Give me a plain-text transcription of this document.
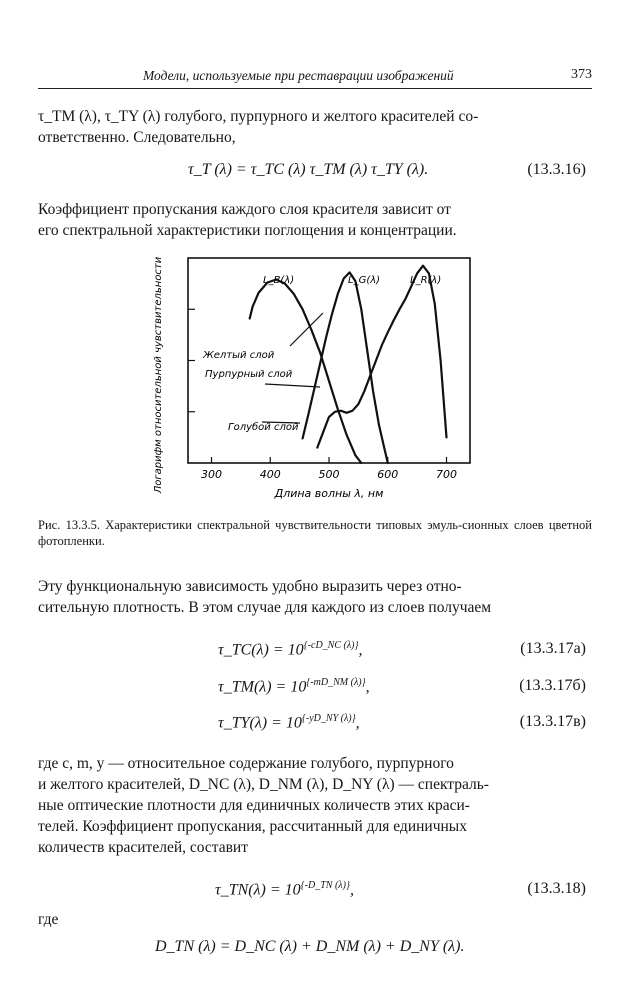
Модели, используемые при реставрации изображений	373
τ_TM (λ), τ_TY (λ) голубого, пурпурного и желтого красителей со-
ответственно. Следовательно,
τ_T (λ) = τ_TC (λ) τ_TM (λ) τ_TY (λ).	(13.3.16)
Коэффициент пропускания каждого слоя красителя зависит от
его спектральной характеристики поглощения и концентрации.
300	400	500	600	700
L_B(λ)	L_G(λ)	L_R(λ)
Желтый слой
Пурпурный слой
Голубой слой
Длина волны λ, нм
Логарифм относительной чувствительности
Рис. 13.3.5. Характеристики спектральной чувствительности типовых эмуль-сионных слоев цветной фотопленки.
Эту функциональную зависимость удобно выразить через отно-
сительную плотность. В этом случае для каждого из слоев получаем
τ_TC(λ) = $10^{\{-cD\_NC (\lambda)\}}$,	(13.3.17a)
τ_TM(λ) = $10^{\{-mD\_NM (\lambda)\}}$,	(13.3.17б)
τ_TY(λ) = $10^{\{-yD\_NY (\lambda)\}}$,	(13.3.17в)
где c, m, y — относительное содержание голубого, пурпурного
и желтого красителей, D_NC (λ), D_NM (λ), D_NY (λ) — спектраль-
ные оптические плотности для единичных количеств этих краси-
телей. Коэффициент пропускания, рассчитанный для единичных
количеств красителей, составит
τ_TN(λ) = $10^{\{-D\_TN (\lambda)\}}$,	(13.3.18)
где
D_TN (λ) = D_NC (λ) + D_NM (λ) + D_NY (λ).
